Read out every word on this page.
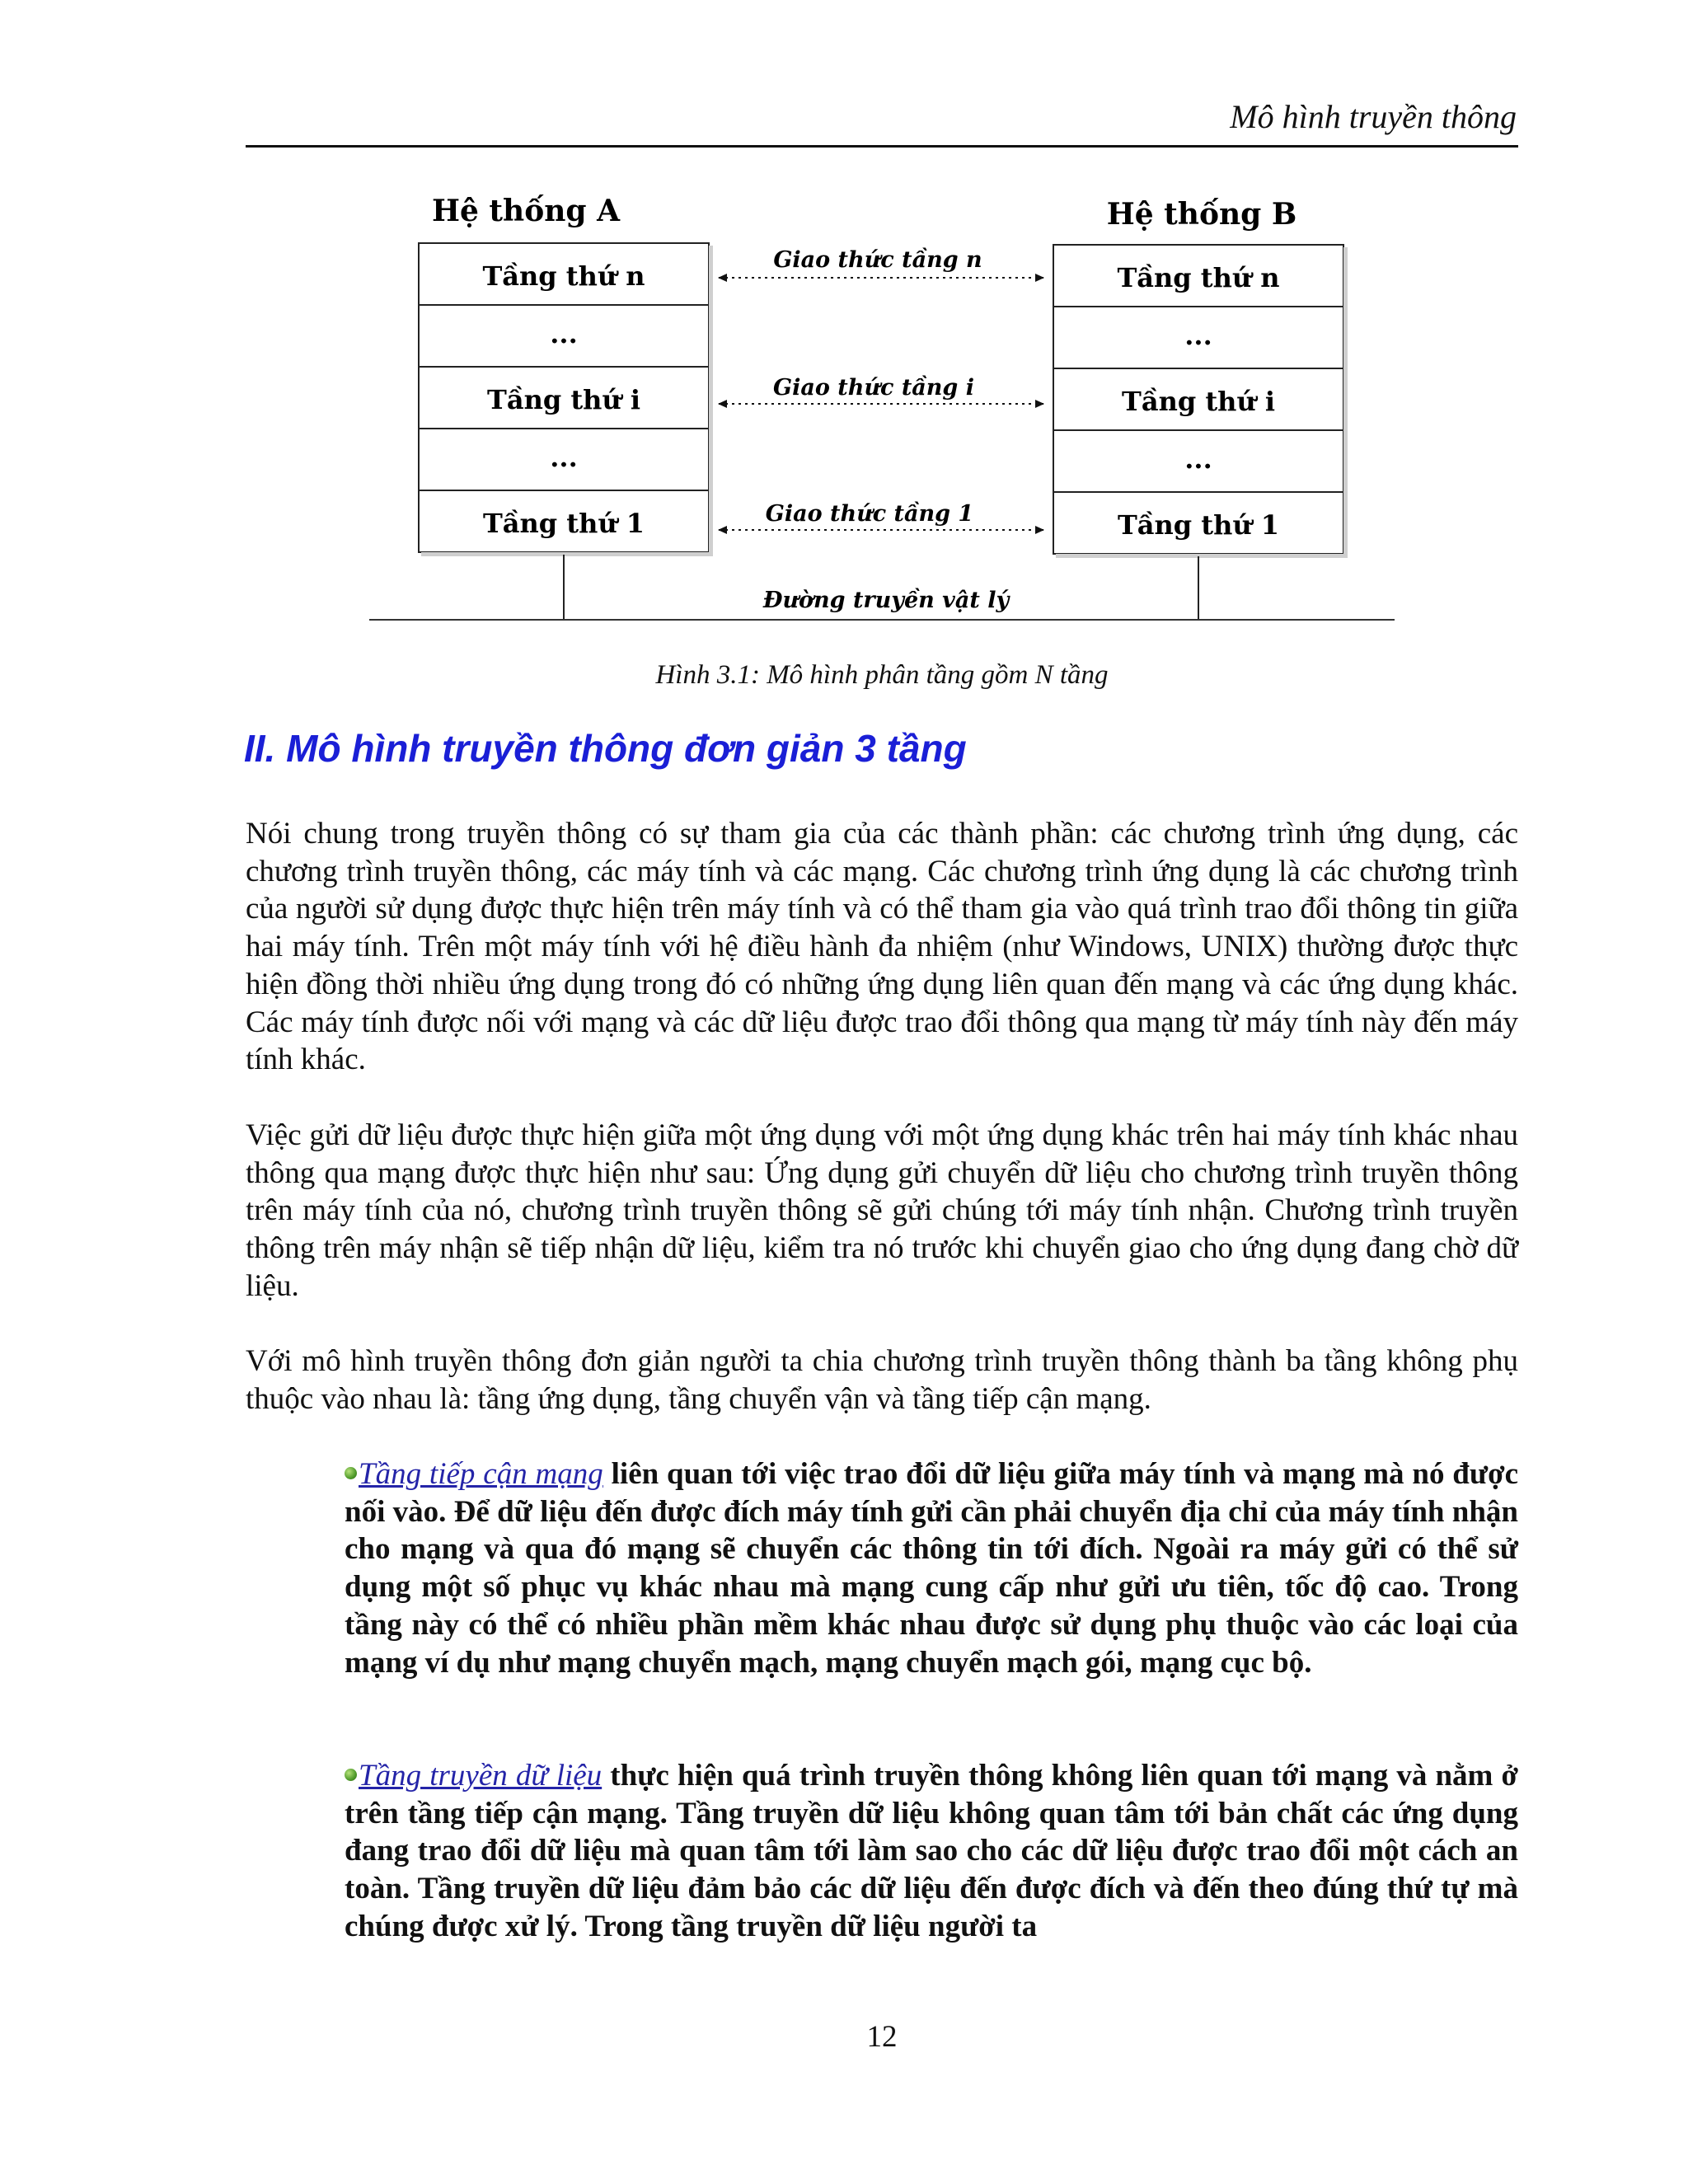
Mô hình truyền thông
Hệ thống A	Hệ thống B
Tầng thứ n
...
Tầng thứ i
...
Tầng thứ 1
Tầng thứ n
...
Tầng thứ i
...
Tầng thứ 1
Giao thức tầng n
Giao thức tầng i
Giao thức tầng 1
Đường truyền vật lý
Hình 3.1: Mô hình phân tầng gồm N tầng
II. Mô hình truyền thông đơn giản 3 tầng

Nói chung trong truyền thông có sự tham gia của các thành phần: các chương trình ứng dụng, các chương trình truyền thông, các máy tính và các mạng. Các chương trình ứng dụng là các chương trình của người sử dụng được thực hiện trên máy tính và có thể tham gia vào quá trình trao đổi thông tin giữa hai máy tính. Trên một máy tính với hệ điều hành đa nhiệm (như Windows, UNIX) thường được thực hiện đồng thời nhiều ứng dụng trong đó có những ứng dụng liên quan đến mạng và các ứng dụng khác. Các máy tính được nối với mạng và các dữ liệu được trao đổi thông qua mạng từ máy tính này đến máy tính khác.

Việc gửi dữ liệu được thực hiện giữa một ứng dụng với một ứng dụng khác trên hai máy tính khác nhau thông qua mạng được thực hiện như sau: Ứng dụng gửi chuyển dữ liệu cho chương trình truyền thông trên máy tính của nó, chương trình truyền thông sẽ gửi chúng tới máy tính nhận. Chương trình truyền thông trên máy nhận sẽ tiếp nhận dữ liệu, kiểm tra nó trước khi chuyển giao cho ứng dụng đang chờ dữ liệu.

Với mô hình truyền thông đơn giản người ta chia chương trình truyền thông thành ba tầng không phụ thuộc vào nhau là: tầng ứng dụng, tầng chuyển vận và tầng tiếp cận mạng.

Tầng tiếp cận mạng liên quan tới việc trao đổi dữ liệu giữa máy tính và mạng mà nó được nối vào. Để dữ liệu đến được đích máy tính gửi cần phải chuyển địa chỉ của máy tính nhận cho mạng và qua đó mạng sẽ chuyển các thông tin tới đích. Ngoài ra máy gửi có thể sử dụng một số phục vụ khác nhau mà mạng cung cấp như gửi ưu tiên, tốc độ cao. Trong tầng này có thể có nhiều phần mềm khác nhau được sử dụng phụ thuộc vào các loại của mạng ví dụ như mạng chuyển mạch, mạng chuyển mạch gói, mạng cục bộ.

Tầng truyền dữ liệu thực hiện quá trình truyền thông không liên quan tới mạng và nằm ở trên tầng tiếp cận mạng. Tầng truyền dữ liệu không quan tâm tới bản chất các ứng dụng đang trao đổi dữ liệu mà quan tâm tới làm sao cho các dữ liệu được trao đổi một cách an toàn. Tầng truyền dữ liệu đảm bảo các dữ liệu đến được đích và đến theo đúng thứ tự mà chúng được xử lý. Trong tầng truyền dữ liệu người ta

12
